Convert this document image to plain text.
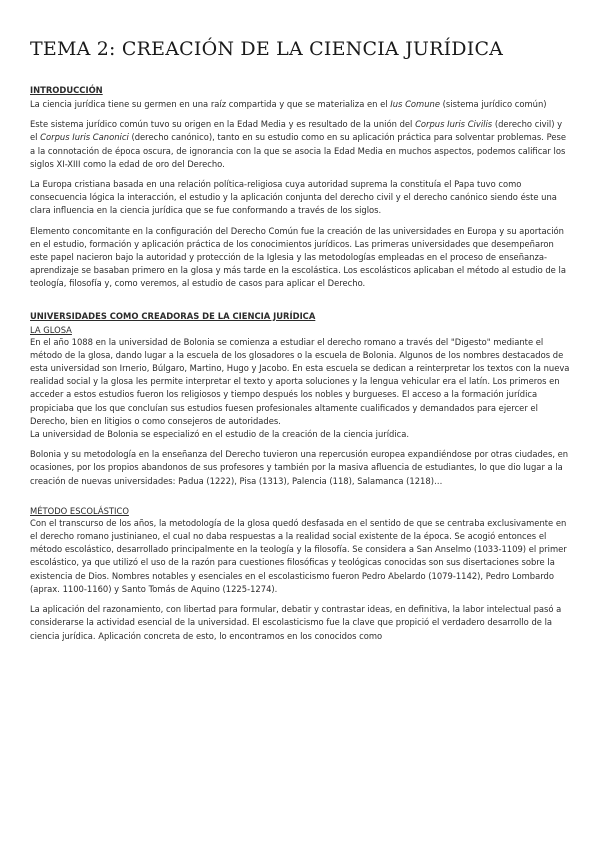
TEMA 2: CREACIÓN DE LA CIENCIA JURÍDICA
INTRODUCCIÓN

La ciencia jurídica tiene su germen en una raíz compartida y que se materializa en el Ius Comune (sistema jurídico común)

Este sistema jurídico común tuvo su origen en la Edad Media y es resultado de la unión del Corpus Iuris Civilis (derecho civil) y el Corpus Iuris Canonici (derecho canónico), tanto en su estudio como en su aplicación práctica para solventar problemas. Pese a la connotación de época oscura, de ignorancia con la que se asocia la Edad Media en muchos aspectos, podemos calificar los siglos XI-XIII como la edad de oro del Derecho.

La Europa cristiana basada en una relación política-religiosa cuya autoridad suprema la constituía el Papa tuvo como consecuencia lógica la interacción, el estudio y la aplicación conjunta del derecho civil y el derecho canónico siendo éste una clara influencia en la ciencia jurídica que se fue conformando a través de los siglos.

Elemento concomitante en la configuración del Derecho Común fue la creación de las universidades en Europa y su aportación en el estudio, formación y aplicación práctica de los conocimientos jurídicos. Las primeras universidades que desempeñaron este papel nacieron bajo la autoridad y protección de la Iglesia y las metodologías empleadas en el proceso de enseñanza-aprendizaje se basaban primero en la glosa y más tarde en la escolástica. Los escolásticos aplicaban el método al estudio de la teología, filosofía y, como veremos, al estudio de casos para aplicar el Derecho.

UNIVERSIDADES COMO CREADORAS DE LA CIENCIA JURÍDICA
LA GLOSA

En el año 1088 en la universidad de Bolonia se comienza a estudiar el derecho romano a través del "Digesto" mediante el método de la glosa, dando lugar a la escuela de los glosadores o la escuela de Bolonia. Algunos de los nombres destacados de esta universidad son Irnerio, Búlgaro, Martino, Hugo y Jacobo. En esta escuela se dedican a reinterpretar los textos con la nueva realidad social y la glosa les permite interpretar el texto y aporta soluciones y la lengua vehicular era el latín. Los primeros en acceder a estos estudios fueron los religiosos y tiempo después los nobles y burgueses. El acceso a la formación jurídica propiciaba que los que concluían sus estudios fuesen profesionales altamente cualificados y demandados para ejercer el Derecho, bien en litigios o como consejeros de autoridades.

La universidad de Bolonia se especializó en el estudio de la creación de la ciencia jurídica.

Bolonia y su metodología en la enseñanza del Derecho tuvieron una repercusión europea expandiéndose por otras ciudades, en ocasiones, por los propios abandonos de sus profesores y también por la masiva afluencia de estudiantes, lo que dio lugar a la creación de nuevas universidades: Padua (1222), Pisa (1313), Palencia (118), Salamanca (1218)…

MÉTODO ESCOLÁSTICO

Con el transcurso de los años, la metodología de la glosa quedó desfasada en el sentido de que se centraba exclusivamente en el derecho romano justinianeo, el cual no daba respuestas a la realidad social existente de la época. Se acogió entonces el método escolástico, desarrollado principalmente en la teología y la filosofía. Se considera a San Anselmo (1033-1109) el primer escolástico, ya que utilizó el uso de la razón para cuestiones filosóficas y teológicas conocidas son sus disertaciones sobre la existencia de Dios. Nombres notables y esenciales en el escolasticismo fueron Pedro Abelardo (1079-1142), Pedro Lombardo (aprax. 1100-1160) y Santo Tomás de Aquino (1225-1274).

La aplicación del razonamiento, con libertad para formular, debatir y contrastar ideas, en definitiva, la labor intelectual pasó a considerarse la actividad esencial de la universidad. El escolasticismo fue la clave que propició el verdadero desarrollo de la ciencia jurídica. Aplicación concreta de esto, lo encontramos en los conocidos como
